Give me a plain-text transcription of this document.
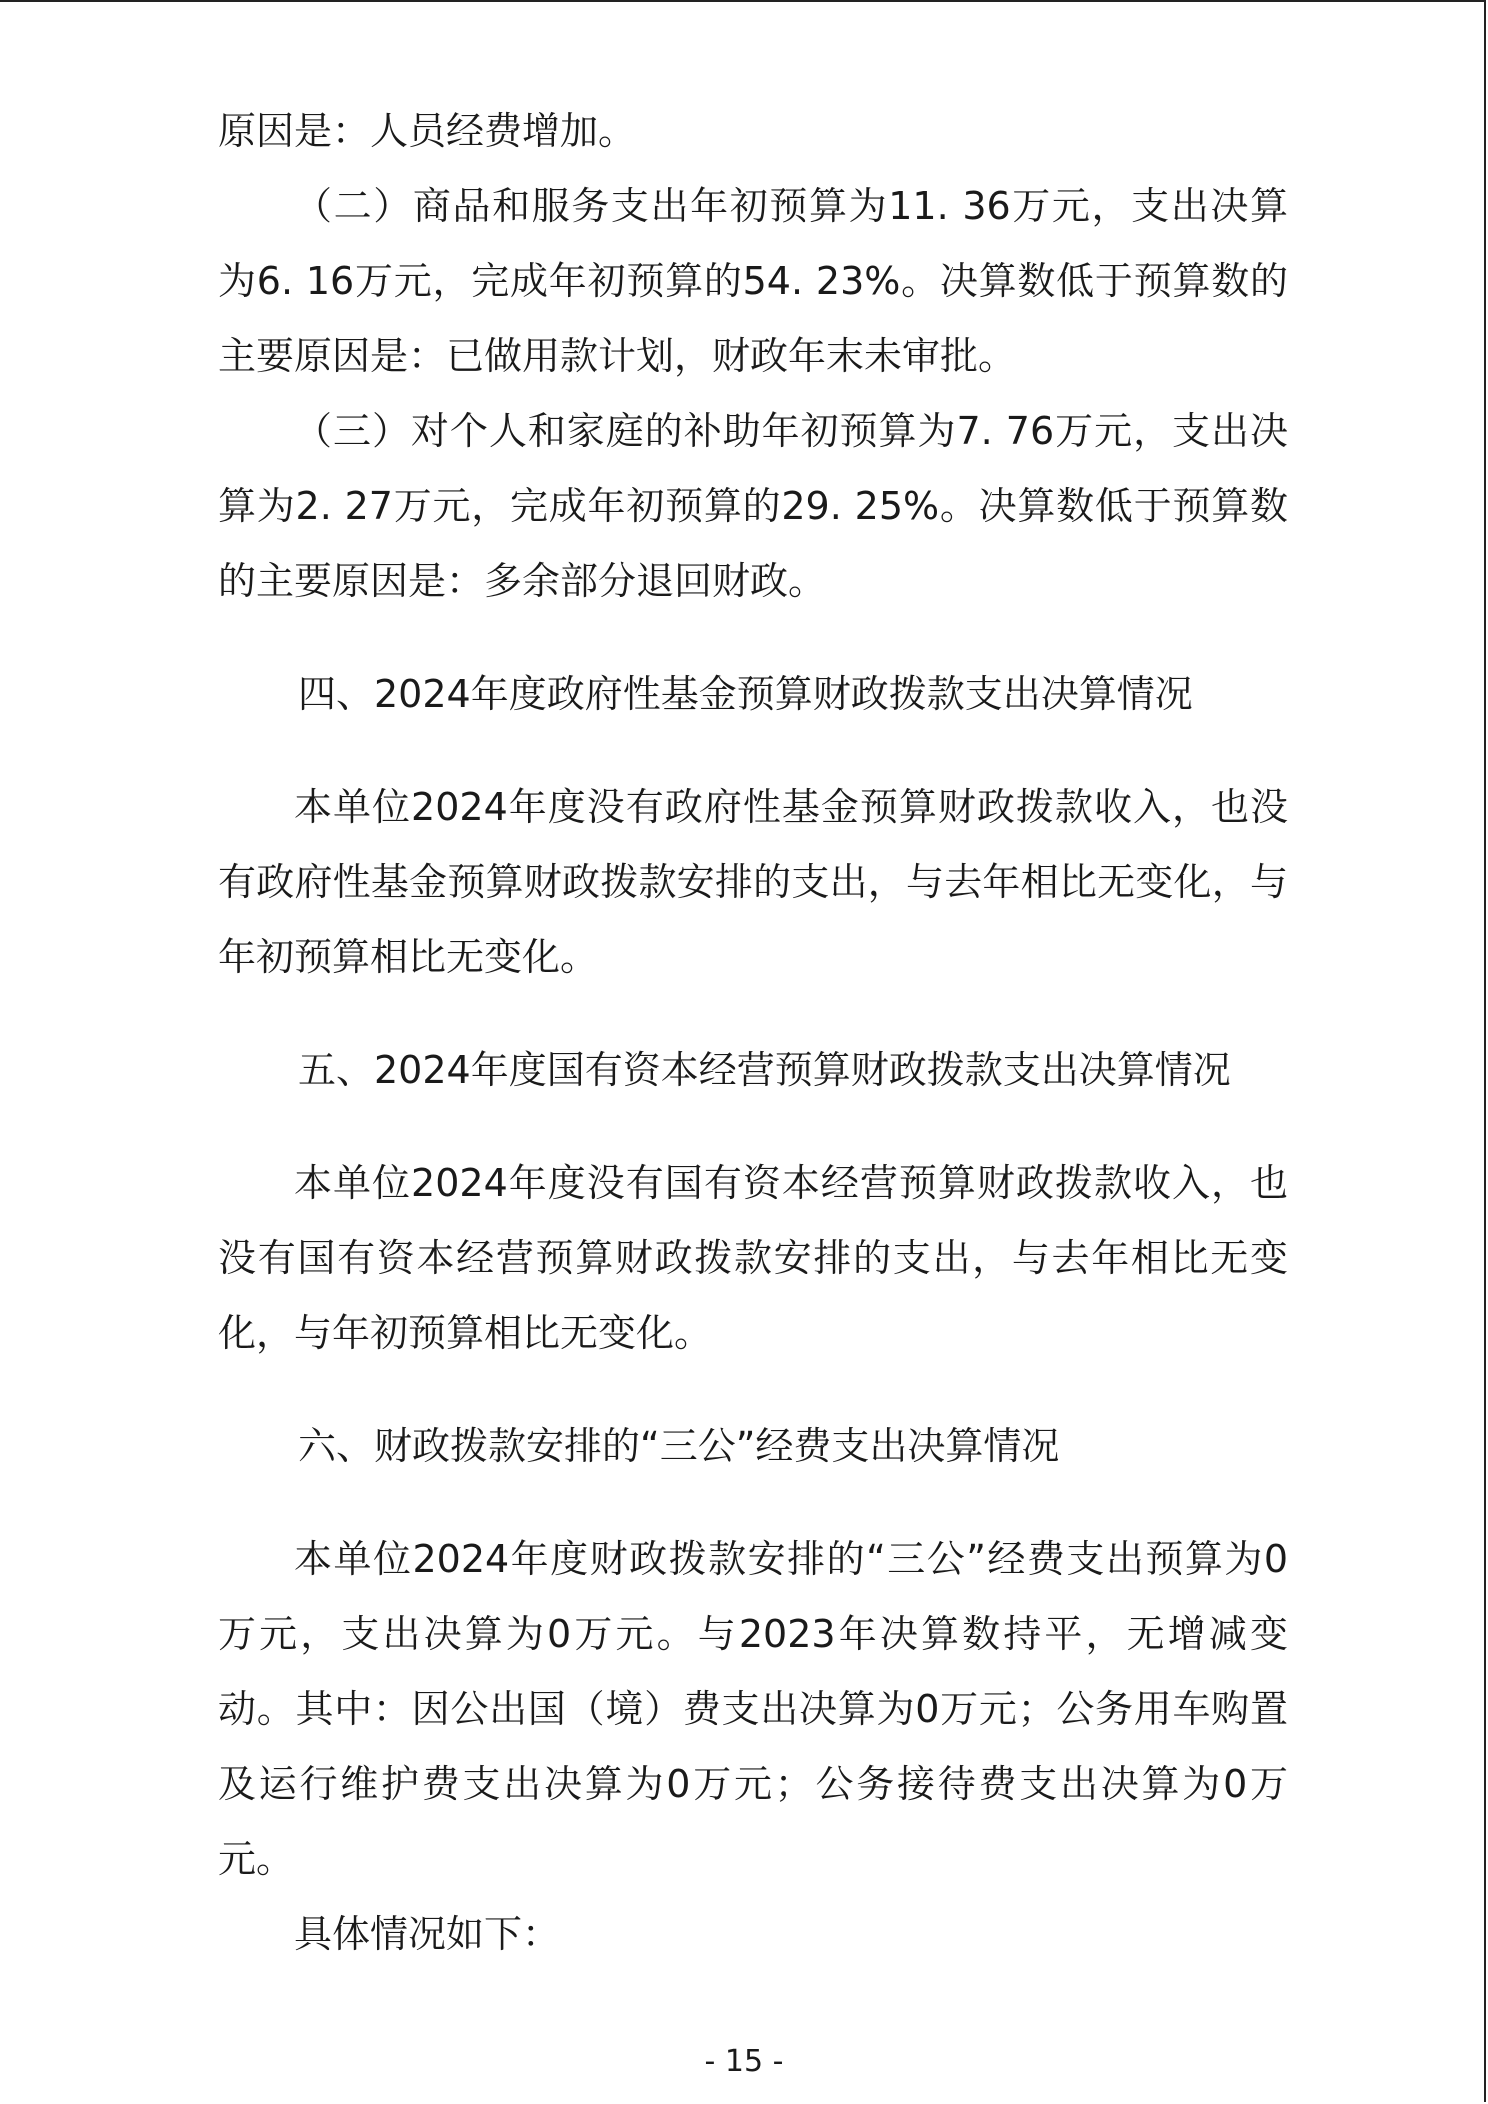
原因是：人员经费增加。

（二）商品和服务支出年初预算为11. 36万元，支出决算为6. 16万元，完成年初预算的54. 23%。决算数低于预算数的主要原因是：已做用款计划，财政年末未审批。

（三）对个人和家庭的补助年初预算为7. 76万元，支出决算为2. 27万元，完成年初预算的29. 25%。决算数低于预算数的主要原因是：多余部分退回财政。

四、2024年度政府性基金预算财政拨款支出决算情况

本单位2024年度没有政府性基金预算财政拨款收入，也没有政府性基金预算财政拨款安排的支出，与去年相比无变化，与年初预算相比无变化。

五、2024年度国有资本经营预算财政拨款支出决算情况

本单位2024年度没有国有资本经营预算财政拨款收入，也没有国有资本经营预算财政拨款安排的支出，与去年相比无变化，与年初预算相比无变化。

六、财政拨款安排的“三公”经费支出决算情况

本单位2024年度财政拨款安排的“三公”经费支出预算为0万元，支出决算为0万元。与2023年决算数持平，无增减变动。其中：因公出国（境）费支出决算为0万元；公务用车购置及运行维护费支出决算为0万元；公务接待费支出决算为0万元。

具体情况如下：

- 15 -
